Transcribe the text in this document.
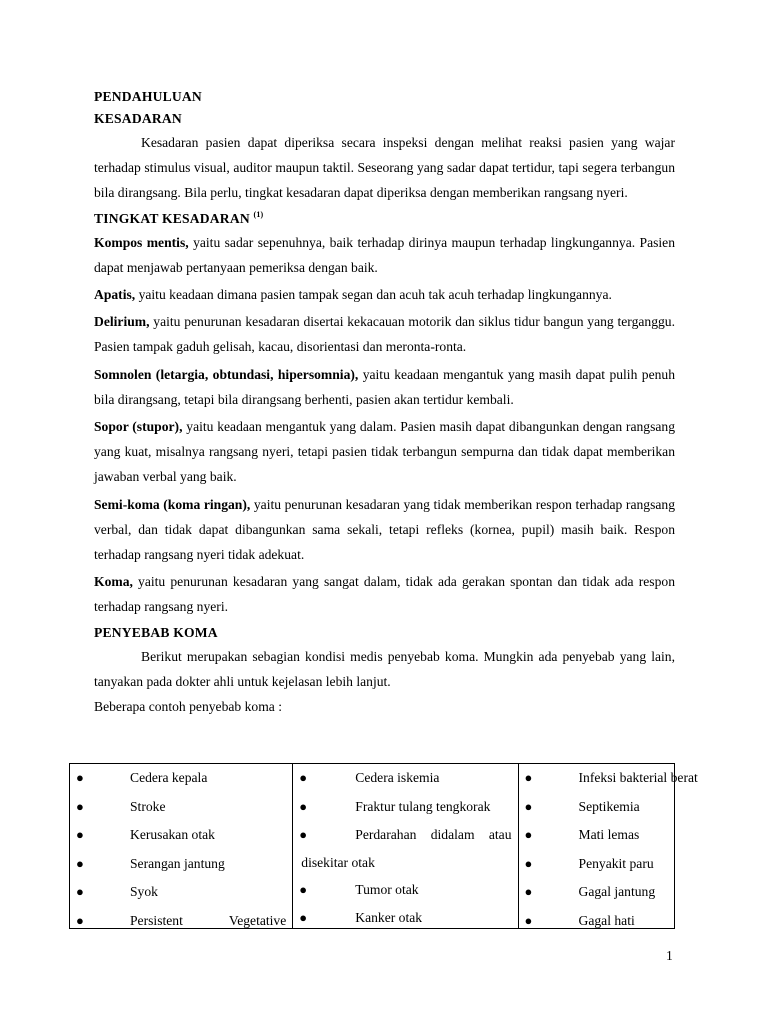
PENDAHULUAN

KESADARAN

Kesadaran pasien dapat diperiksa secara inspeksi dengan melihat reaksi pasien yang wajar terhadap stimulus visual, auditor maupun taktil. Seseorang yang sadar dapat tertidur, tapi segera terbangun bila dirangsang. Bila perlu, tingkat kesadaran dapat diperiksa dengan memberikan rangsang nyeri.

TINGKAT KESADARAN $^{(1)}$

Kompos mentis, yaitu sadar sepenuhnya, baik terhadap dirinya maupun terhadap lingkungannya. Pasien dapat menjawab pertanyaan pemeriksa dengan baik.

Apatis, yaitu keadaan dimana pasien tampak segan dan acuh tak acuh terhadap lingkungannya.

Delirium, yaitu penurunan kesadaran disertai kekacauan motorik dan siklus tidur bangun yang terganggu. Pasien tampak gaduh gelisah, kacau, disorientasi dan meronta-ronta.

Somnolen (letargia, obtundasi, hipersomnia), yaitu keadaan mengantuk yang masih dapat pulih penuh bila dirangsang, tetapi bila dirangsang berhenti, pasien akan tertidur kembali.

Sopor (stupor), yaitu keadaan mengantuk yang dalam. Pasien masih dapat dibangunkan dengan rangsang yang kuat, misalnya rangsang nyeri, tetapi pasien tidak terbangun sempurna dan tidak dapat memberikan jawaban verbal yang baik.

Semi-koma (koma ringan), yaitu penurunan kesadaran yang tidak memberikan respon terhadap rangsang verbal, dan tidak dapat dibangunkan sama sekali, tetapi refleks (kornea, pupil) masih baik. Respon terhadap rangsang nyeri tidak adekuat.

Koma, yaitu penurunan kesadaran yang sangat dalam, tidak ada gerakan spontan dan tidak ada respon terhadap rangsang nyeri.

PENYEBAB KOMA

Berikut merupakan sebagian kondisi medis penyebab koma. Mungkin ada penyebab yang lain, tanyakan pada dokter ahli untuk kejelasan lebih lanjut.

Beberapa contoh penyebab koma :

●	Cedera kepala
●	Stroke
●	Kerusakan otak
●	Serangan jantung
●	Syok
●	Persistent	Vegetative
●	Cedera iskemia
●	Fraktur tulang tengkorak
●	Perdarahan didalam atau
disekitar otak
●	Tumor otak
●	Kanker otak
●	Infeksi bakterial berat
●	Septikemia
●	Mati lemas
●	Penyakit paru
●	Gagal jantung
●	Gagal hati
1
